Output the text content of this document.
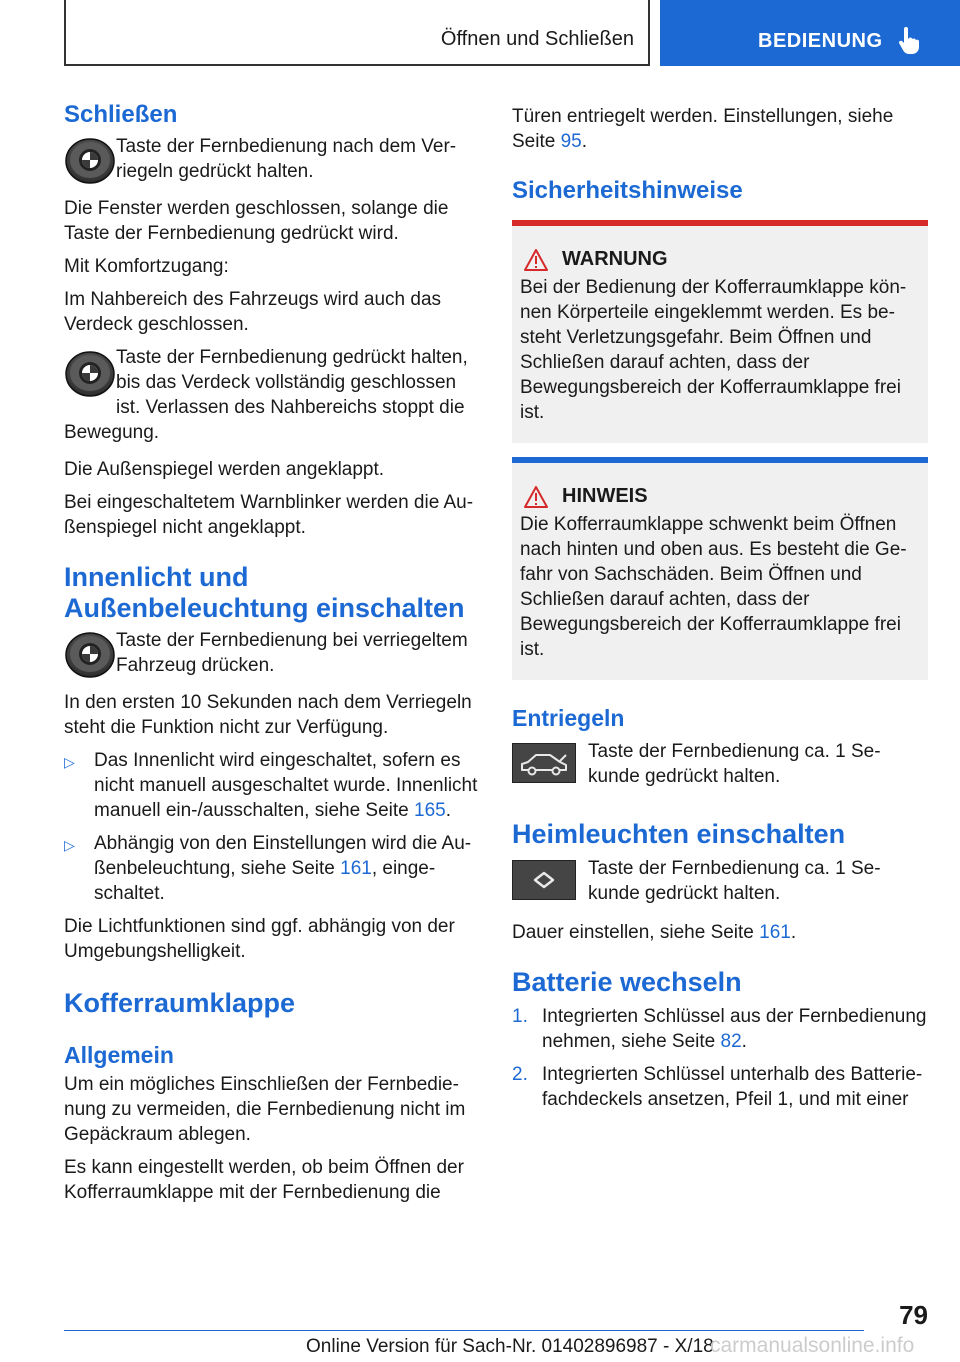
Öffnen und Schließen	BEDIENUNG
Schließen
Taste der Fernbedienung nach dem Verriegeln gedrückt halten.
Die Fenster werden geschlossen, solange die Taste der Fernbedienung gedrückt wird.
Mit Komfortzugang:
Im Nahbereich des Fahrzeugs wird auch das Verdeck geschlossen.
Taste der Fernbedienung gedrückt halten, bis das Verdeck vollständig geschlossen ist. Verlassen des Nahbereichs stoppt die Bewegung.
Die Außenspiegel werden angeklappt.
Bei eingeschaltetem Warnblinker werden die Außenspiegel nicht angeklappt.
Innenlicht und Außenbeleuchtung einschalten
Taste der Fernbedienung bei verriegeltem Fahrzeug drücken.
In den ersten 10 Sekunden nach dem Verriegeln steht die Funktion nicht zur Verfügung.
▷	Das Innenlicht wird eingeschaltet, sofern es nicht manuell ausgeschaltet wurde. Innenlicht manuell ein-/ausschalten, siehe Seite 165.
▷	Abhängig von den Einstellungen wird die Außenbeleuchtung, siehe Seite 161, eingeschaltet.
Die Lichtfunktionen sind ggf. abhängig von der Umgebungshelligkeit.
Kofferraumklappe
Allgemein
Um ein mögliches Einschließen der Fernbedienung zu vermeiden, die Fernbedienung nicht im Gepäckraum ablegen.
Es kann eingestellt werden, ob beim Öffnen der Kofferraumklappe mit der Fernbedienung die
Türen entriegelt werden. Einstellungen, siehe Seite 95.
Sicherheitshinweise
WARNUNG
Bei der Bedienung der Kofferraumklappe können Körperteile eingeklemmt werden. Es besteht Verletzungsgefahr. Beim Öffnen und Schließen darauf achten, dass der Bewegungsbereich der Kofferraumklappe frei ist.
HINWEIS
Die Kofferraumklappe schwenkt beim Öffnen nach hinten und oben aus. Es besteht die Gefahr von Sachschäden. Beim Öffnen und Schließen darauf achten, dass der Bewegungsbereich der Kofferraumklappe frei ist.
Entriegeln
Taste der Fernbedienung ca. 1 Sekunde gedrückt halten.
Heimleuchten einschalten
Taste der Fernbedienung ca. 1 Sekunde gedrückt halten.
Dauer einstellen, siehe Seite 161.
Batterie wechseln
1. Integrierten Schlüssel aus der Fernbedienung nehmen, siehe Seite 82.
2. Integrierten Schlüssel unterhalb des Batteriefachdeckels ansetzen, Pfeil 1, und mit einer
79
Online Version für Sach-Nr. 01402896987 - X/18
carmanualsonline.info
